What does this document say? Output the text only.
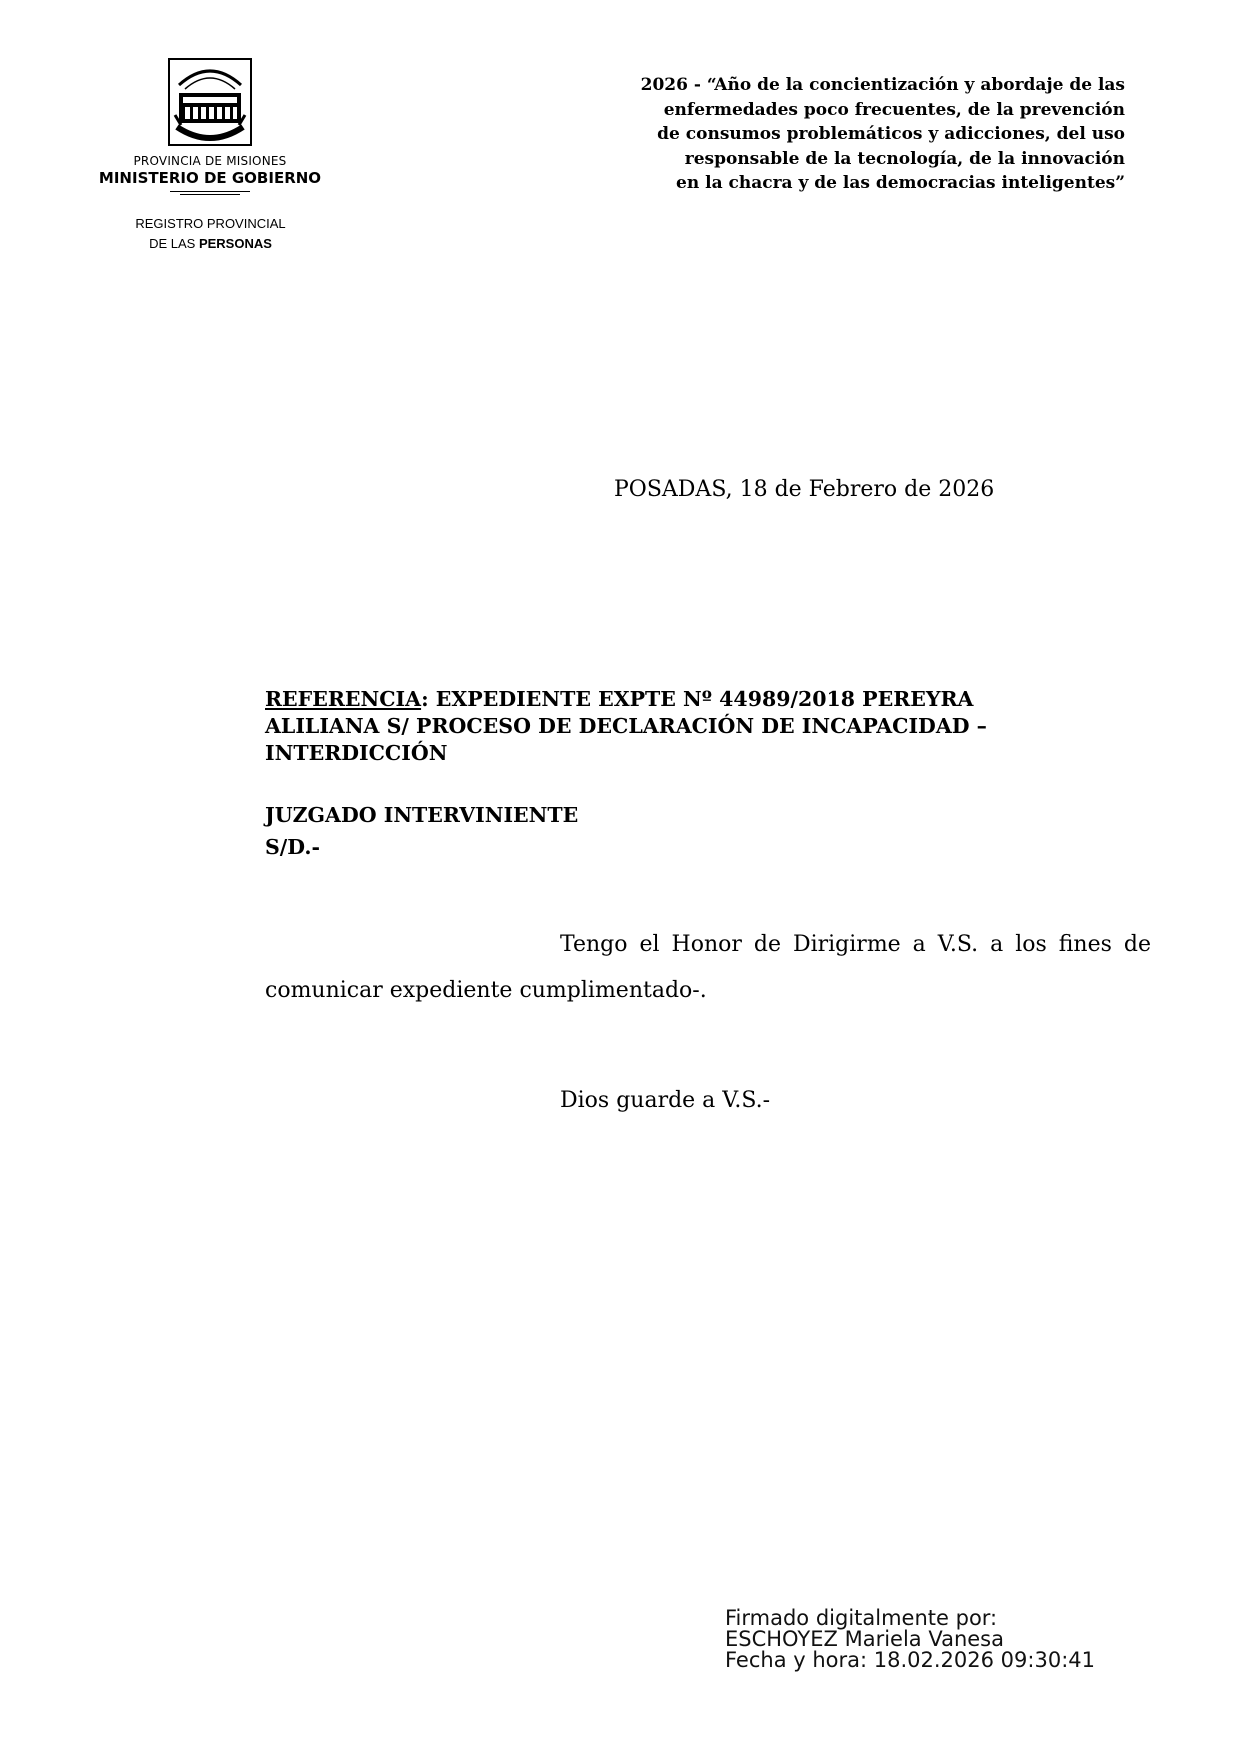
PROVINCIA DE MISIONES
MINISTERIO DE GOBIERNO
REGISTRO PROVINCIAL
DE LAS PERSONAS
2026 - “Año de la concientización y abordaje de las
enfermedades poco frecuentes, de la prevención
de consumos problemáticos y adicciones, del uso
responsable de la tecnología, de la innovación
en la chacra y de las democracias inteligentes”
POSADAS, 18 de Febrero de 2026
REFERENCIA: EXPEDIENTE EXPTE Nº 44989/2018 PEREYRA
ALILIANA S/ PROCESO DE DECLARACIÓN DE INCAPACIDAD –
INTERDICCIÓN
JUZGADO INTERVINIENTE
S/D.-
Tengo el Honor de Dirigirme a V.S. a los fines de comunicar expediente cumplimentado-.
Dios guarde a V.S.-
Firmado digitalmente por:
ESCHOYEZ Mariela Vanesa
Fecha y hora: 18.02.2026 09:30:41
